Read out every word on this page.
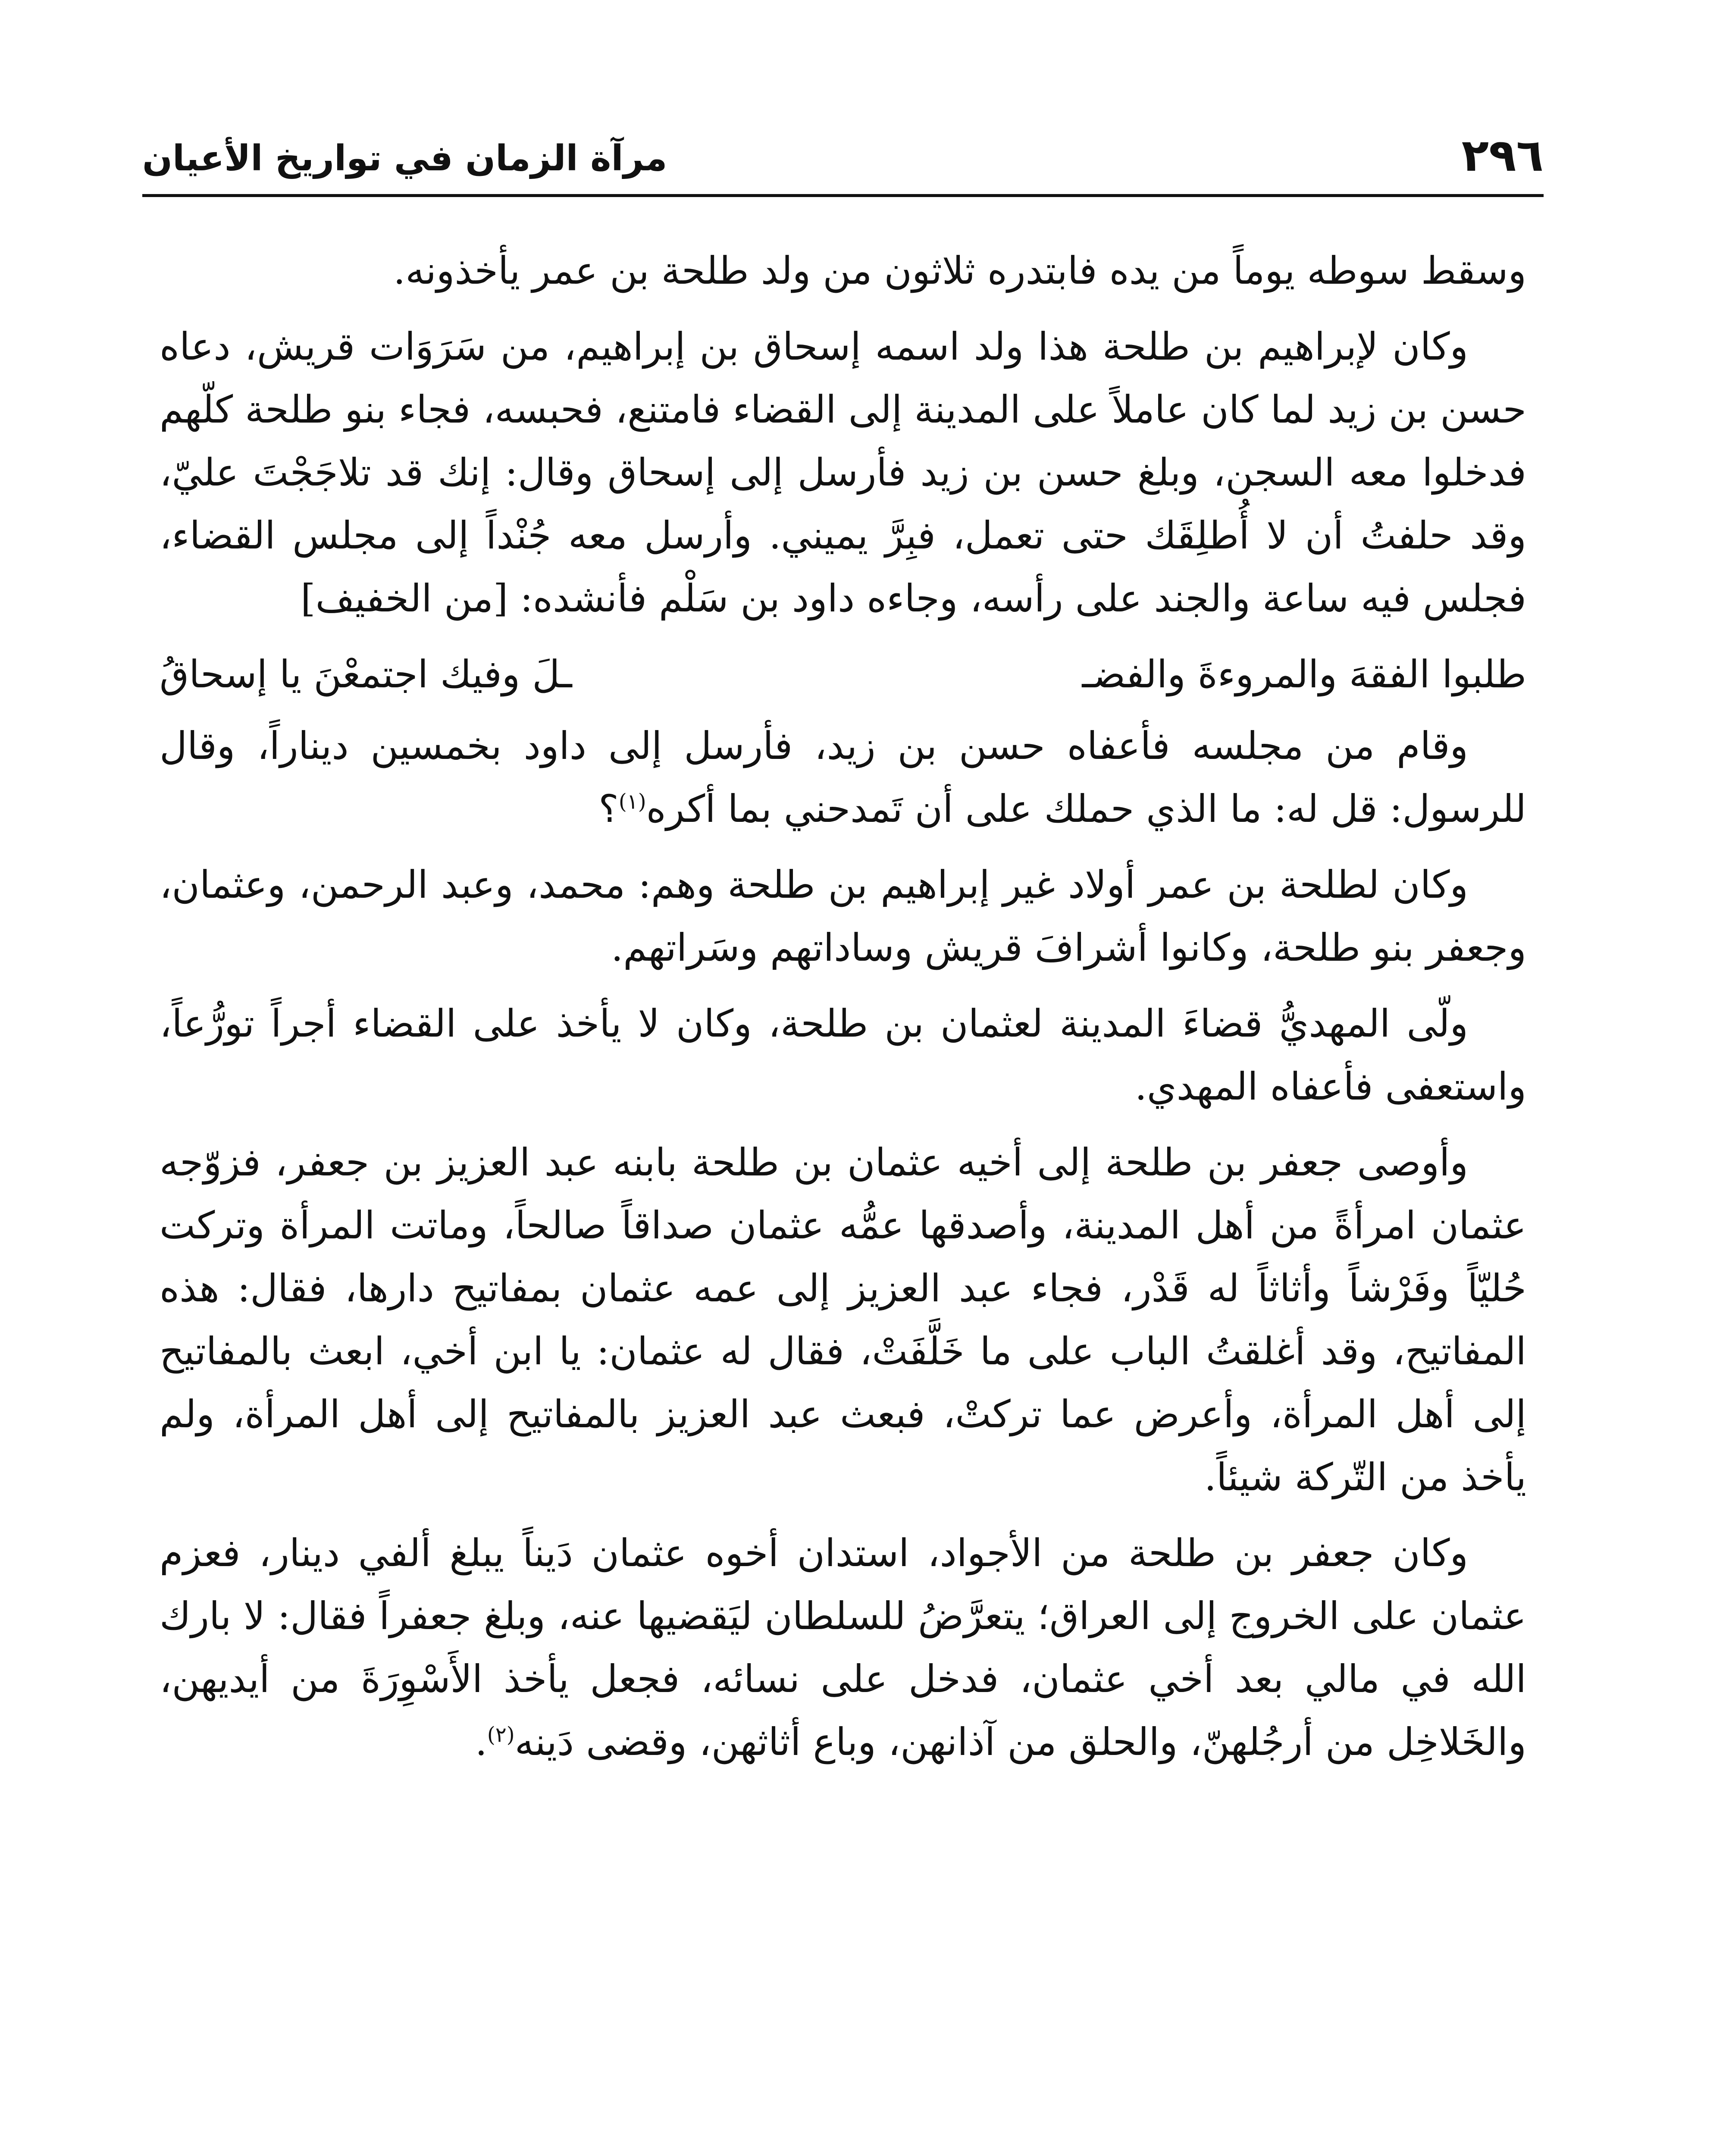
٢٩٦
مرآة الزمان في تواريخ الأعيان

وسقط سوطه يوماً من يده فابتدره ثلاثون من ولد طلحة بن عمر يأخذونه.

وكان لإبراهيم بن طلحة هذا ولد اسمه إسحاق بن إبراهيم، من سَرَوَات قريش، دعاه حسن بن زيد لما كان عاملاً على المدينة إلى القضاء فامتنع، فحبسه، فجاء بنو طلحة كلّهم فدخلوا معه السجن، وبلغ حسن بن زيد فأرسل إلى إسحاق وقال: إنك قد تلاجَجْتَ عليّ، وقد حلفتُ أن لا أُطلِقَك حتى تعمل، فبِرَّ يميني. وأرسل معه جُنْداً إلى مجلس القضاء، فجلس فيه ساعة والجند على رأسه، وجاءه داود بن سَلْم فأنشده: [من الخفيف]

طلبوا الفقهَ والمروءةَ والفضـ
ـلَ وفيك اجتمعْنَ يا إسحاقُ

وقام من مجلسه فأعفاه حسن بن زيد، فأرسل إلى داود بخمسين ديناراً، وقال للرسول: قل له: ما الذي حملك على أن تَمدحني بما أكره$^{(١)}$؟

وكان لطلحة بن عمر أولاد غير إبراهيم بن طلحة وهم: محمد، وعبد الرحمن، وعثمان، وجعفر بنو طلحة، وكانوا أشرافَ قريش وساداتهم وسَراتهم.

ولّى المهديُّ قضاءَ المدينة لعثمان بن طلحة، وكان لا يأخذ على القضاء أجراً تورُّعاً، واستعفى فأعفاه المهدي.

وأوصى جعفر بن طلحة إلى أخيه عثمان بن طلحة بابنه عبد العزيز بن جعفر، فزوّجه عثمان امرأةً من أهل المدينة، وأصدقها عمُّه عثمان صداقاً صالحاً، وماتت المرأة وتركت حُليّاً وفَرْشاً وأثاثاً له قَدْر، فجاء عبد العزيز إلى عمه عثمان بمفاتيح دارها، فقال: هذه المفاتيح، وقد أغلقتُ الباب على ما خَلَّفَتْ، فقال له عثمان: يا ابن أخي، ابعث بالمفاتيح إلى أهل المرأة، وأعرض عما تركتْ، فبعث عبد العزيز بالمفاتيح إلى أهل المرأة، ولم يأخذ من التّركة شيئاً.

وكان جعفر بن طلحة من الأجواد، استدان أخوه عثمان دَيناً يبلغ ألفي دينار، فعزم عثمان على الخروج إلى العراق؛ يتعرَّضُ للسلطان ليَقضيها عنه، وبلغ جعفراً فقال: لا بارك الله في مالي بعد أخي عثمان، فدخل على نسائه، فجعل يأخذ الأَسْوِرَةَ من أيديهن، والخَلاخِل من أرجُلهنّ، والحلق من آذانهن، وباع أثاثهن، وقضى دَينه$^{(٢)}$.
